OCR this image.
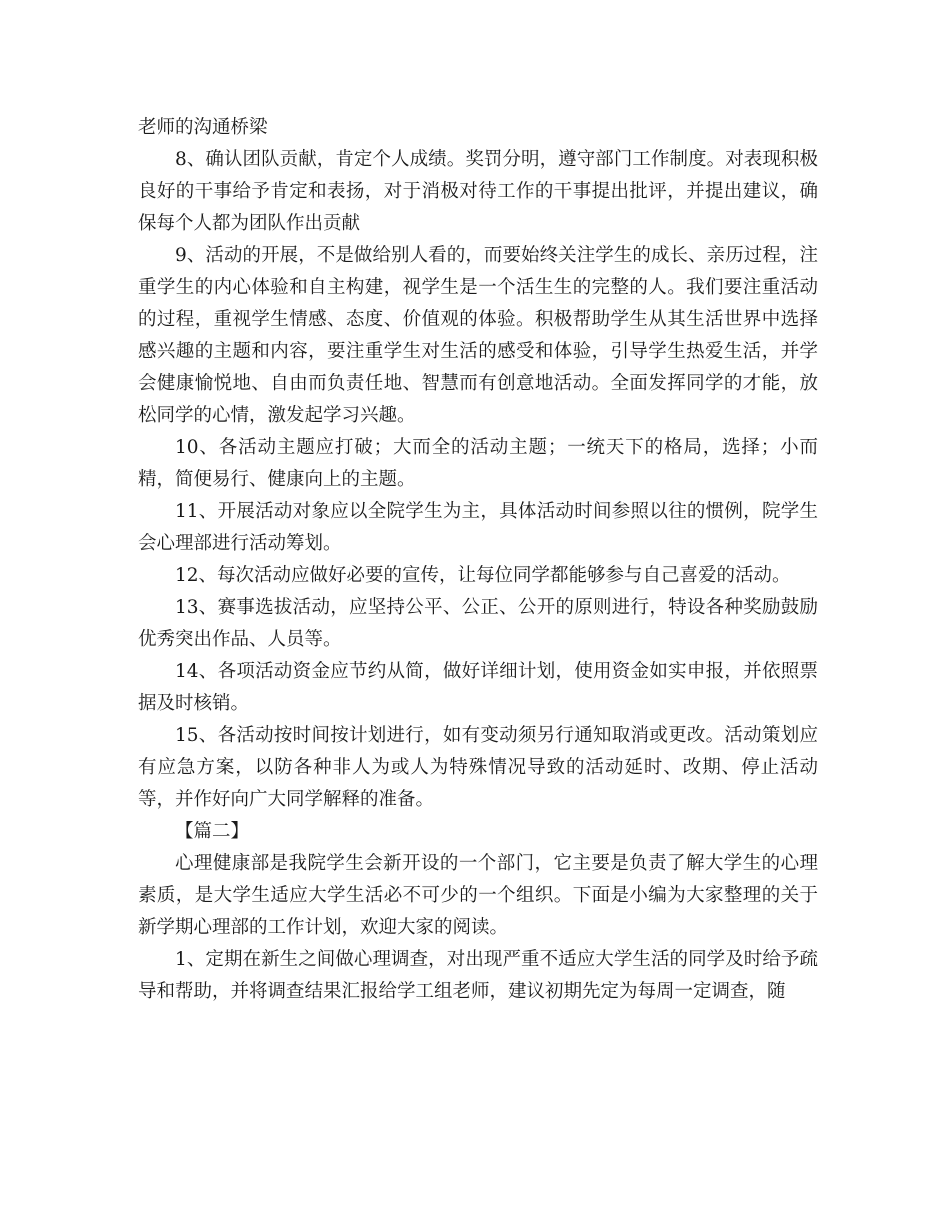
老师的沟通桥梁

8、确认团队贡献，肯定个人成绩。奖罚分明，遵守部门工作制度。对表现积极良好的干事给予肯定和表扬，对于消极对待工作的干事提出批评，并提出建议，确保每个人都为团队作出贡献

9、活动的开展，不是做给别人看的，而要始终关注学生的成长、亲历过程，注重学生的内心体验和自主构建，视学生是一个活生生的完整的人。我们要注重活动的过程，重视学生情感、态度、价值观的体验。积极帮助学生从其生活世界中选择感兴趣的主题和内容，要注重学生对生活的感受和体验，引导学生热爱生活，并学会健康愉悦地、自由而负责任地、智慧而有创意地活动。全面发挥同学的才能，放松同学的心情，激发起学习兴趣。

10、各活动主题应打破；大而全的活动主题；一统天下的格局，选择；小而精，简便易行、健康向上的主题。

11、开展活动对象应以全院学生为主，具体活动时间参照以往的惯例，院学生会心理部进行活动筹划。

12、每次活动应做好必要的宣传，让每位同学都能够参与自己喜爱的活动。

13、赛事选拔活动，应坚持公平、公正、公开的原则进行，特设各种奖励鼓励优秀突出作品、人员等。

14、各项活动资金应节约从简，做好详细计划，使用资金如实申报，并依照票据及时核销。

15、各活动按时间按计划进行，如有变动须另行通知取消或更改。活动策划应有应急方案，以防各种非人为或人为特殊情况导致的活动延时、改期、停止活动等，并作好向广大同学解释的准备。

【篇二】

心理健康部是我院学生会新开设的一个部门，它主要是负责了解大学生的心理素质，是大学生适应大学生活必不可少的一个组织。下面是小编为大家整理的关于新学期心理部的工作计划，欢迎大家的阅读。

1、定期在新生之间做心理调查，对出现严重不适应大学生活的同学及时给予疏导和帮助，并将调查结果汇报给学工组老师，建议初期先定为每周一定调查，随
